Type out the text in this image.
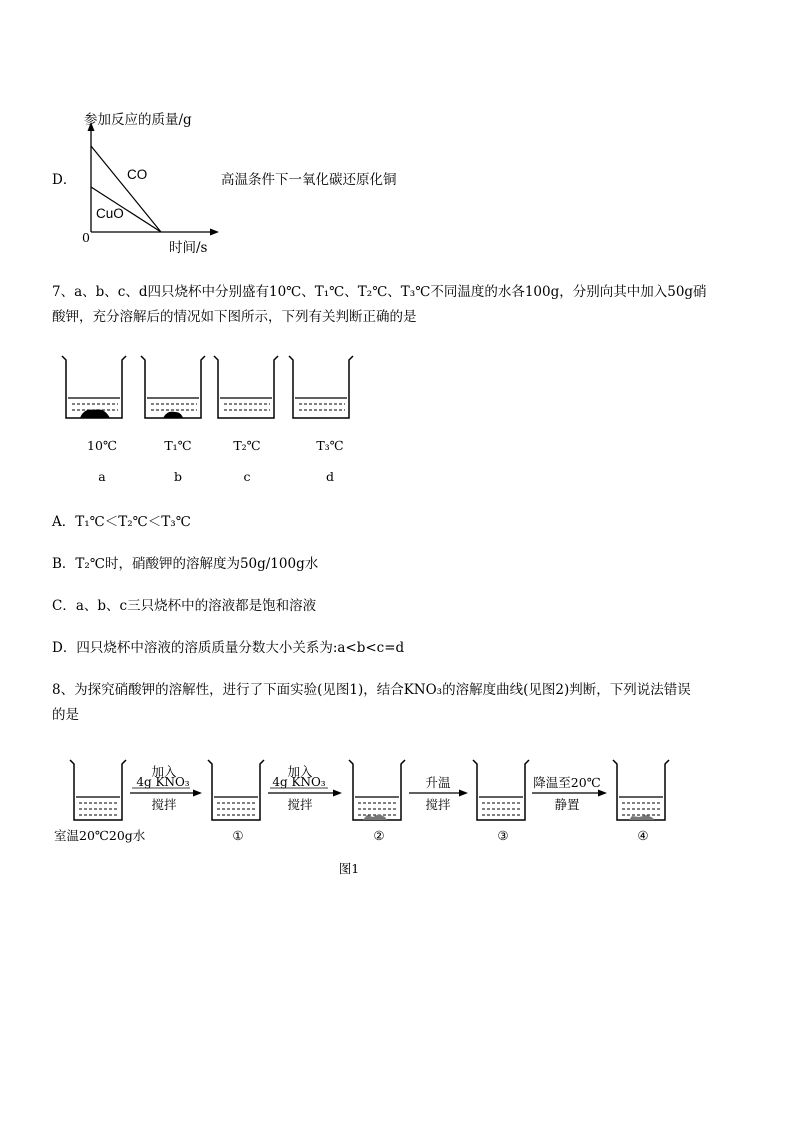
D．
参加反应的质量/g
时间/s
0
CO
CuO
高温条件下一氧化碳还原化铜
7、a、b、c、d四只烧杯中分别盛有10℃、T₁℃、T₂℃、T₃℃不同温度的水各100g，分别向其中加入50g硝
酸钾，充分溶解后的情况如下图所示，下列有关判断正确的是
10℃	T₁℃	T₂℃	T₃℃
a	b	c	d
A．T₁℃＜T₂℃＜T₃℃
B．T₂℃时，硝酸钾的溶解度为50g/100g水
C．a、b、c三只烧杯中的溶液都是饱和溶液
D．四只烧杯中溶液的溶质质量分数大小关系为:a<b<c=d
8、为探究硝酸钾的溶解性，进行了下面实验(见图1)，结合KNO₃的溶解度曲线(见图2)判断，下列说法错误
的是
加入
4g KNO₃
搅拌
加入
4g KNO₃
搅拌
升温
搅拌
降温至20℃
静置
室温20℃20g水	①	②	③	④
图1
